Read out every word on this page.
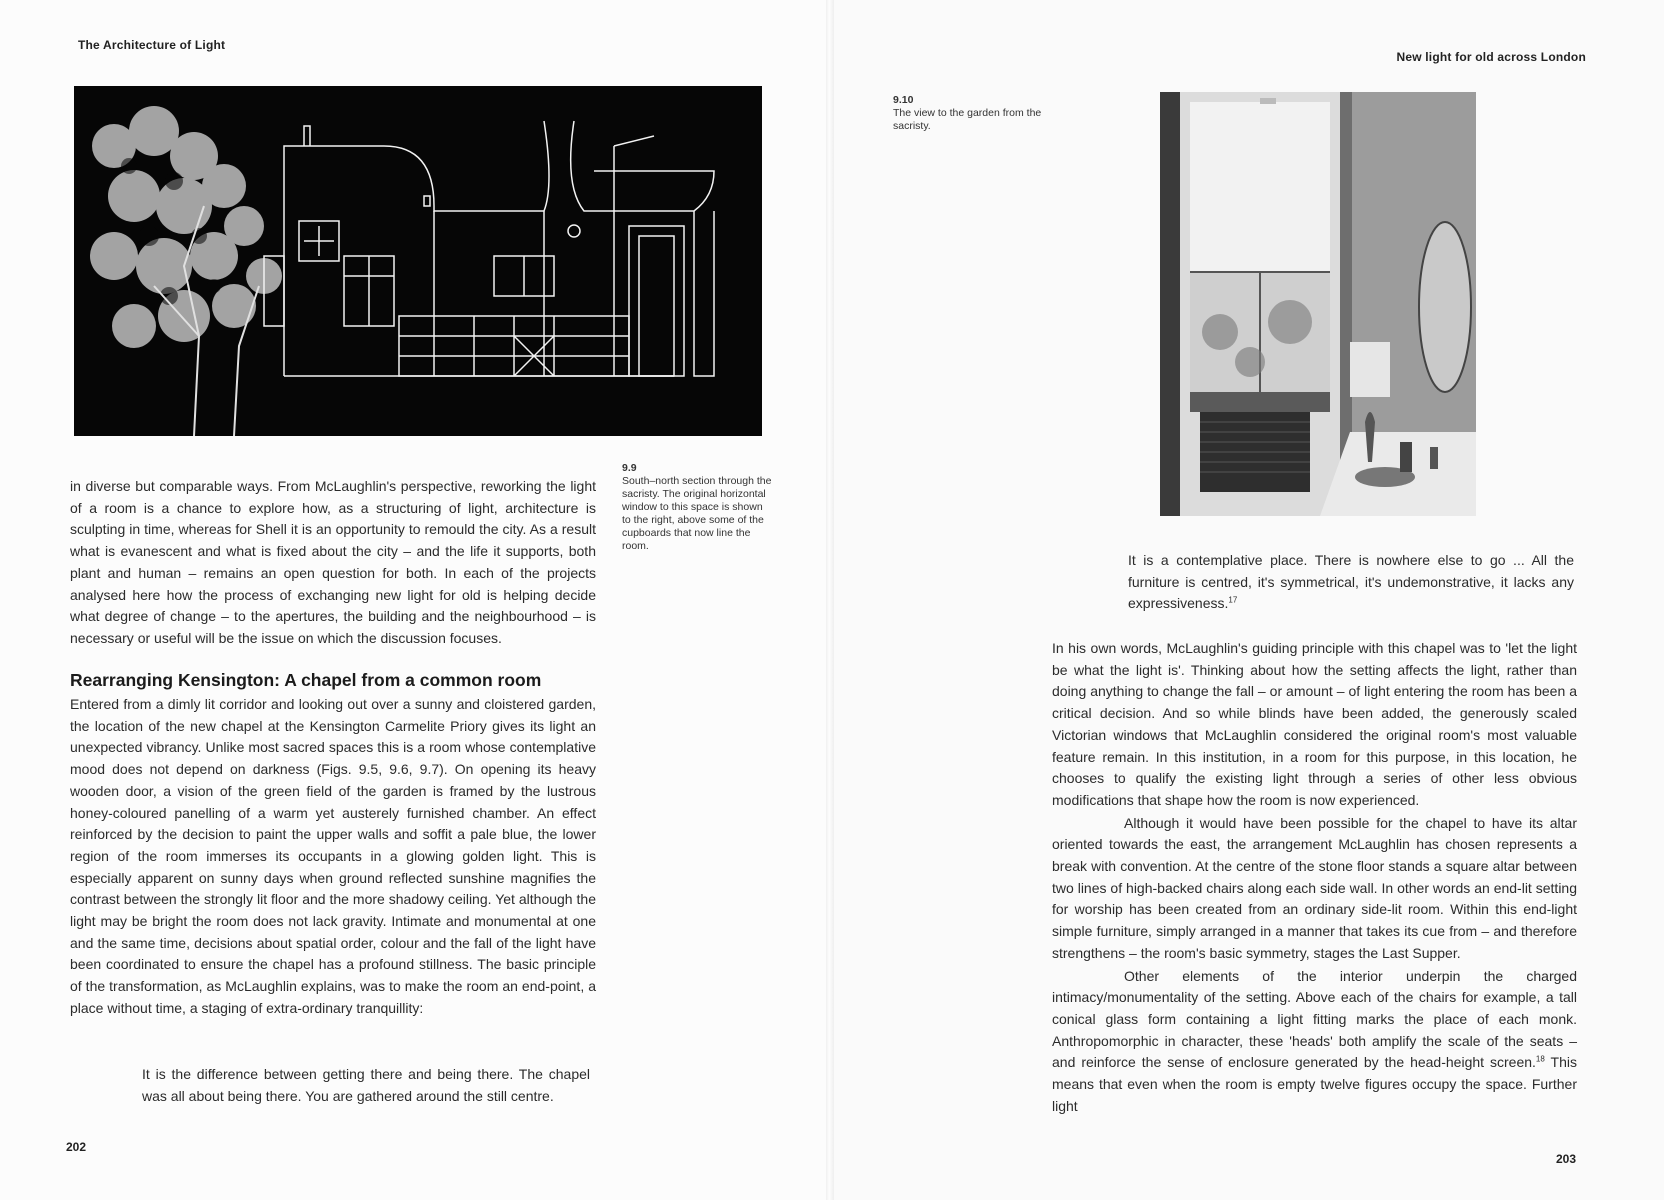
The Architecture of Light
9.9
South–north section through the sacristy. The original horizontal window to this space is shown to the right, above some of the cupboards that now line the room.

in diverse but comparable ways. From McLaughlin's perspective, reworking the light of a room is a chance to explore how, as a structuring of light, architecture is sculpting in time, whereas for Shell it is an opportunity to remould the city. As a result what is evanescent and what is fixed about the city – and the life it supports, both plant and human – remains an open question for both. In each of the projects analysed here how the process of exchanging new light for old is helping decide what degree of change – to the apertures, the building and the neighbourhood – is necessary or useful will be the issue on which the discussion focuses.

Rearranging Kensington: A chapel from a common room

Entered from a dimly lit corridor and looking out over a sunny and cloistered garden, the location of the new chapel at the Kensington Carmelite Priory gives its light an unexpected vibrancy. Unlike most sacred spaces this is a room whose contemplative mood does not depend on darkness (Figs. 9.5, 9.6, 9.7). On opening its heavy wooden door, a vision of the green field of the garden is framed by the lustrous honey-coloured panelling of a warm yet austerely furnished chamber. An effect reinforced by the decision to paint the upper walls and soffit a pale blue, the lower region of the room immerses its occupants in a glowing golden light. This is especially apparent on sunny days when ground reflected sunshine magnifies the contrast between the strongly lit floor and the more shadowy ceiling. Yet although the light may be bright the room does not lack gravity. Intimate and monumental at one and the same time, decisions about spatial order, colour and the fall of the light have been coordinated to ensure the chapel has a profound stillness. The basic principle of the transformation, as McLaughlin explains, was to make the room an end-point, a place without time, a staging of extra-ordinary tranquillity:

It is the difference between getting there and being there. The chapel was all about being there. You are gathered around the still centre.

202
New light for old across London
9.10
The view to the garden from the sacristy.

It is a contemplative place. There is nowhere else to go ... All the furniture is centred, it's symmetrical, it's undemonstrative, it lacks any expressiveness.$^{17}$

In his own words, McLaughlin's guiding principle with this chapel was to 'let the light be what the light is'. Thinking about how the setting affects the light, rather than doing anything to change the fall – or amount – of light entering the room has been a critical decision. And so while blinds have been added, the generously scaled Victorian windows that McLaughlin considered the original room's most valuable feature remain. In this institution, in a room for this purpose, in this location, he chooses to qualify the existing light through a series of other less obvious modifications that shape how the room is now experienced.

Although it would have been possible for the chapel to have its altar oriented towards the east, the arrangement McLaughlin has chosen represents a break with convention. At the centre of the stone floor stands a square altar between two lines of high-backed chairs along each side wall. In other words an end-lit setting for worship has been created from an ordinary side-lit room. Within this end-light simple furniture, simply arranged in a manner that takes its cue from – and therefore strengthens – the room's basic symmetry, stages the Last Supper.

Other elements of the interior underpin the charged intimacy/monumentality of the setting. Above each of the chairs for example, a tall conical glass form containing a light fitting marks the place of each monk. Anthropomorphic in character, these 'heads' both amplify the scale of the seats – and reinforce the sense of enclosure generated by the head-height screen.$^{18}$ This means that even when the room is empty twelve figures occupy the space. Further light

203
